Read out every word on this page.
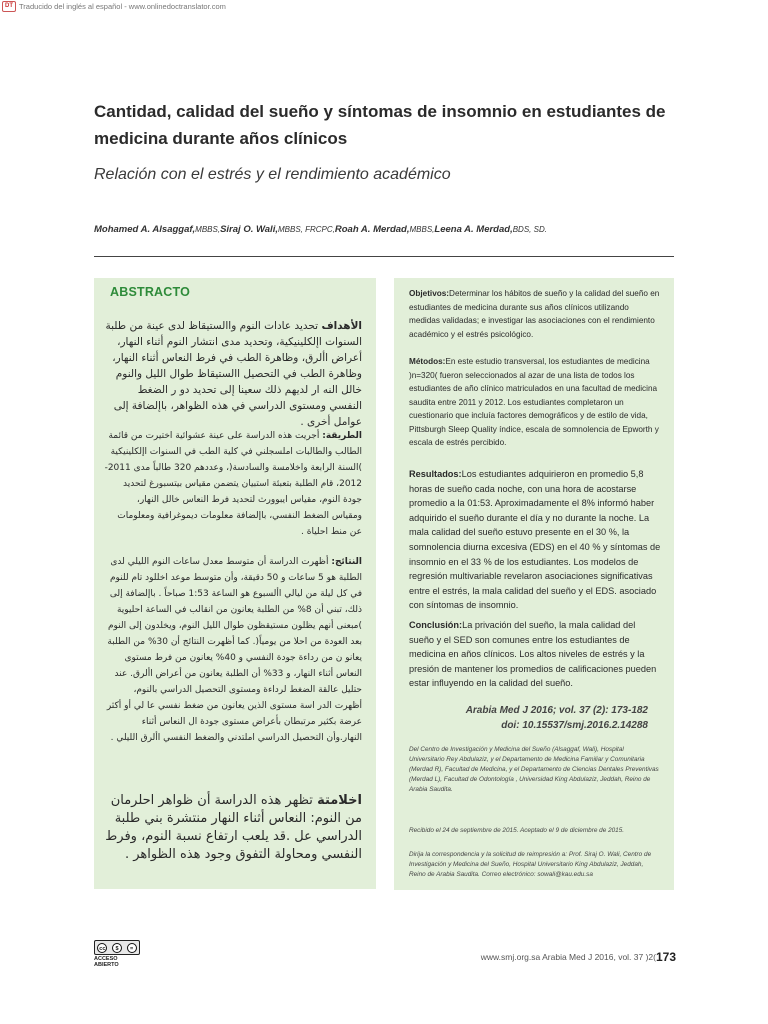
DT Traducido del inglés al español - www.onlinedoctranslator.com
Cantidad, calidad del sueño y síntomas de insomnio en estudiantes de medicina durante años clínicos
Relación con el estrés y el rendimiento académico
Mohamed A. Alsaggaf,MBBS,Siraj O. Wali,MBBS, FRCPC,Roah A. Merdad,MBBS,Leena A. Merdad,BDS, SD.
ABSTRACTO
الأهداف تحديد عادات النوم واالستيقاظ لدى عينة من طلبة السنوات اإلكلينيكية، وتحديد مدى انتشار النوم أثناء النهار، أعراض األرق، وظاهرة الطب في فرط النعاس أثناء النهار، وظاهرة الطب في التحصيل االستيقاظ طوال الليل والنوم خالل النه ار لديهم ذلك سعينا إلى تحديد دو ر الضغط النفسي ومستوى الدراسي في هذه الظواهر، باإلضافة إلى عوامل أخرى .
الطريقة: أجريت هذه الدراسة على عينة عشوائية اختيرت من قائمة الطالب والطالبات املسجلني في كلية الطب في السنوات اإلكلينيكية )السنة الرابعة واخلامسة والسادسة(، وعددهم 320 طالباً مدى 2011-2012، قام الطلبة بتعبئة استبيان يتضمن مقياس بيتسبورغ لتحديد جودة النوم، مقياس ايبوورث لتحديد فرط النعاس خالل النهار، ومقياس الضغط النفسي، باإلضافة معلومات ديموغرافية ومعلومات عن منط احلياة .
النتائج: أظهرت الدراسة أن متوسط معدل ساعات النوم الليلي لدى الطلبة هو 5 ساعات و 50 دقيقة، وأن متوسط موعد اخللود تام للنوم في كل ليلة من ليالي األسبوع هو الساعة 1:53 صباحاً . باإلضافة إلى ذلك، تبني أن 8% من الطلبة يعانون من انقالب في الساعة احليوية )مبعنى أنهم يظلون مستيقظون طوال الليل النوم، ويخلدون إلى النوم بعد العودة من احلا من يومياً(. كما أظهرت النتائج أن 30% من الطلبة يعانو ن من رداءة جودة النفسي و 40% يعانون من فرط مستوى النعاس أثناء النهار، و 33% أن الطلبة يعانون من أعراض األرق. عند حتليل عالقة الضغط لرداءة ومستوى التحصيل الدراسي بالنوم، أظهرت الدر اسة مستوى الذين يعانون من ضغط نفسي عا لي أو أكثر عرضة بكثير مرتبطان بأعراض مستوى جودة ال النعاس أثناء النهار.وأن التحصيل الدراسي املتدني والضغط النفسي األرق الليلي .
اخلامتة تظهر هذه الدراسة أن ظواهر احلرمان من النوم: النعاس أثناء النهار منتشرة بني طلبة الدراسي عل .قد يلعب ارتفاع نسبة النوم، وفرط النفسي ومحاولة التفوق وجود هذه الظواهر .
Objetivos:Determinar los hábitos de sueño y la calidad del sueño en estudiantes de medicina durante sus años clínicos utilizando medidas validadas; e investigar las asociaciones con el rendimiento académico y el estrés psicológico.
Métodos:En este estudio transversal, los estudiantes de medicina )n=320( fueron seleccionados al azar de una lista de todos los estudiantes de año clínico matriculados en una facultad de medicina saudita entre 2011 y 2012. Los estudiantes completaron un cuestionario que incluía factores demográficos y de estilo de vida, Pittsburgh Sleep Quality índice, escala de somnolencia de Epworth y escala de estrés percibido.
Resultados:Los estudiantes adquirieron en promedio 5,8 horas de sueño cada noche, con una hora de acostarse promedio a la 01:53. Aproximadamente el 8% informó haber adquirido el sueño durante el día y no durante la noche. La mala calidad del sueño estuvo presente en el 30 %, la somnolencia diurna excesiva (EDS) en el 40 % y síntomas de insomnio en el 33 % de los estudiantes. Los modelos de regresión multivariable revelaron asociaciones significativas entre el estrés, la mala calidad del sueño y el EDS. asociado con síntomas de insomnio.
Conclusión:La privación del sueño, la mala calidad del sueño y el SED son comunes entre los estudiantes de medicina en años clínicos. Los altos niveles de estrés y la presión de mantener los promedios de calificaciones pueden estar influyendo en la calidad del sueño.
Arabia Med J 2016; vol. 37 (2): 173-182
doi: 10.15537/smj.2016.2.14288
Del Centro de Investigación y Medicina del Sueño (Alsaggaf, Wali), Hospital Universitario Rey Abdulaziz, y el Departamento de Medicina Familiar y Comunitaria (Merdad R), Facultad de Medicina, y el Departamento de Ciencias Dentales Preventivas (Merdad L), Facultad de Odontología , Universidad King Abdulaziz, Jeddah, Reino de Arabia Saudita.
Recibido el 24 de septiembre de 2015. Aceptado el 9 de diciembre de 2015.
Dirija la correspondencia y la solicitud de reimpresión a: Prof. Siraj O. Wali, Centro de Investigación y Medicina del Sueño, Hospital Universitario King Abdulaziz, Jeddah, Reino de Arabia Saudita. Correo electrónico: sowali@kau.edu.sa
cc	$	=
ACCESO ABIERTO
www.smj.org.sa Arabia Med J 2016, vol. 37 )2( 173
